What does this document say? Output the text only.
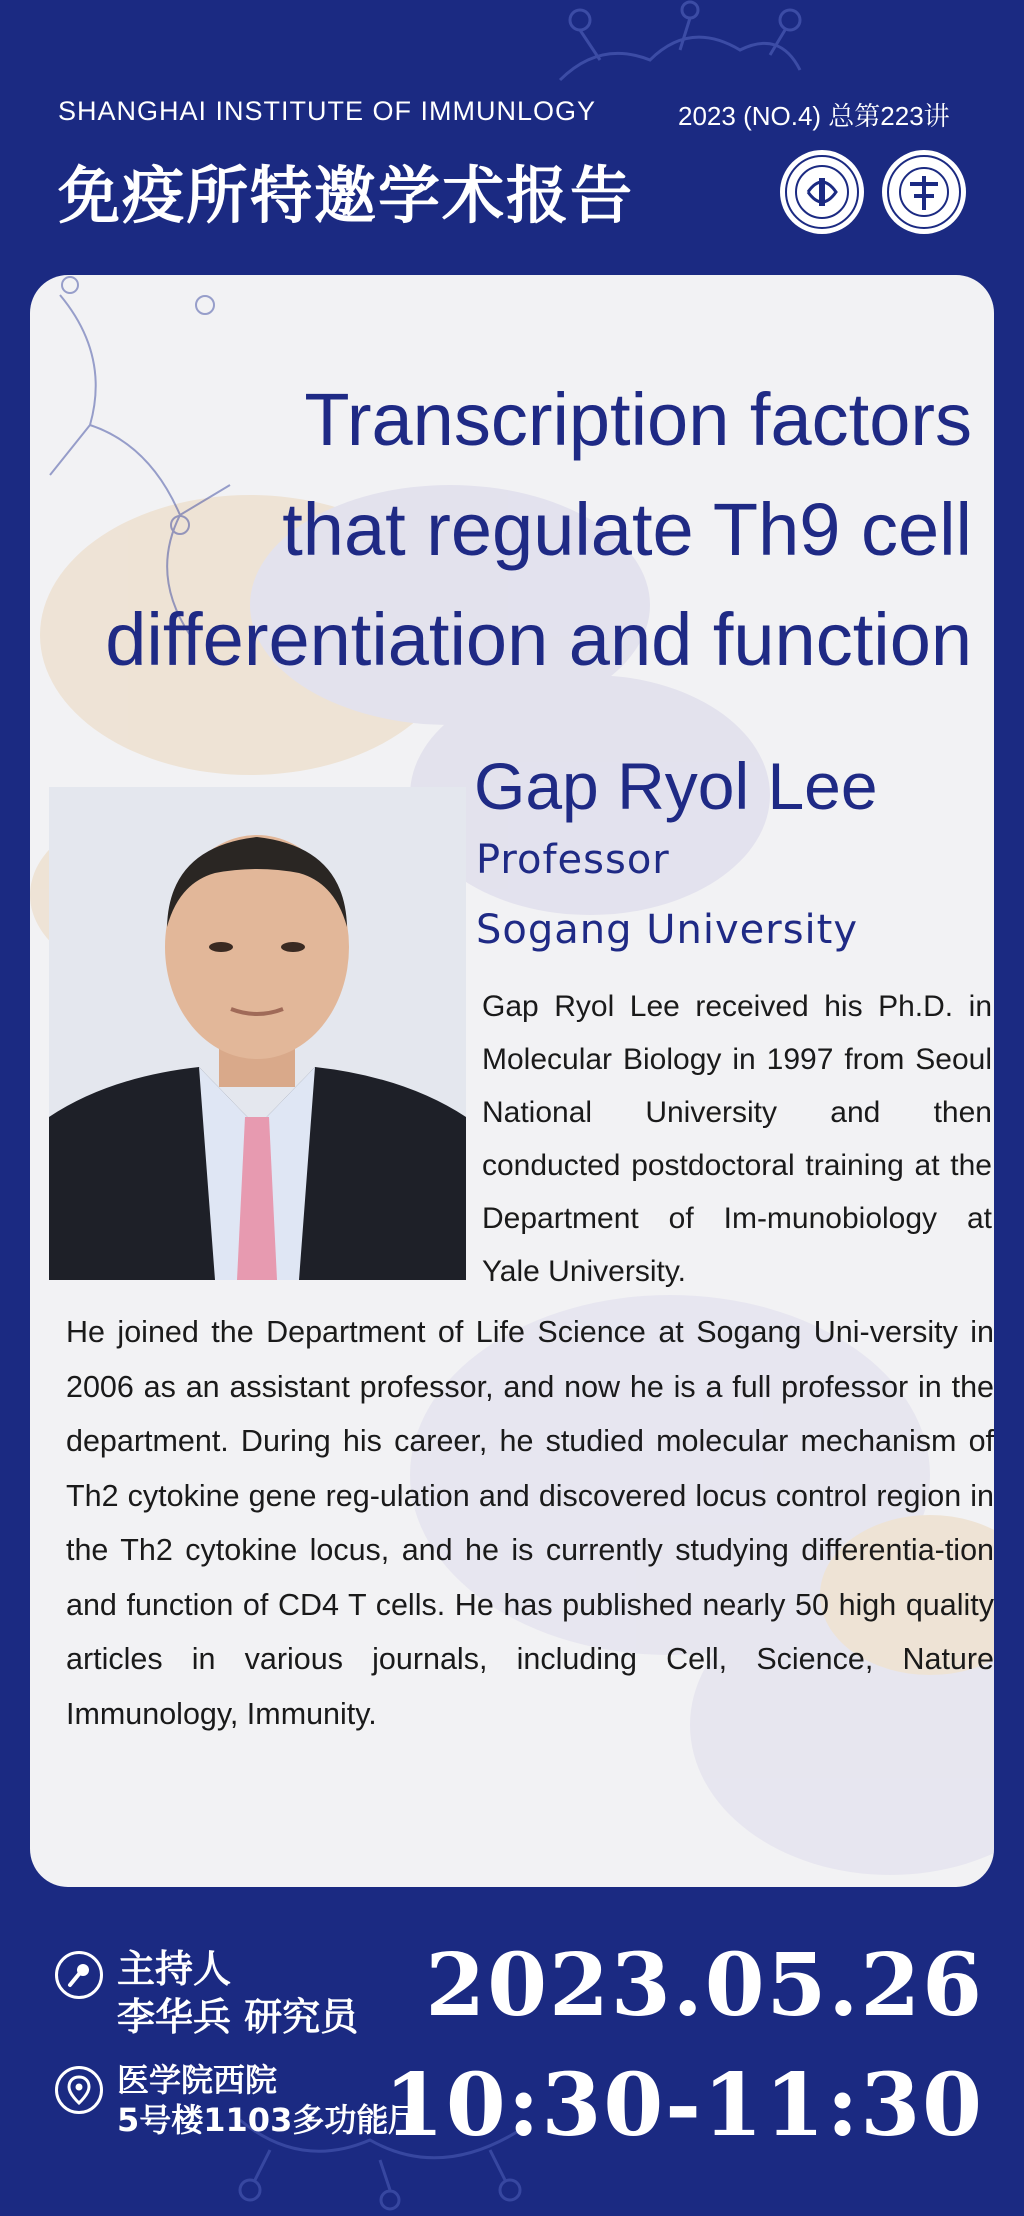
SHANGHAI INSTITUTE OF IMMUNLOGY	2023 (NO.4) 总第223讲
免疫所特邀学术报告
Transcription factors
that regulate Th9 cell
differentiation and function
Gap Ryol Lee
Professor
Sogang University
Gap Ryol Lee received his Ph.D. in Molecular Biology in 1997 from Seoul National University and then conducted postdoctoral training at the Department of Im-munobiology at Yale University.
He joined the Department of Life Science at Sogang Uni-versity in 2006 as an assistant professor, and now he is a full professor in the department. During his career, he studied molecular mechanism of Th2 cytokine gene reg-ulation and discovered locus control region in the Th2 cytokine locus, and he is currently studying differentia-tion and function of CD4 T cells. He has published nearly 50 high quality articles in various journals, including Cell, Science, Nature Immunology, Immunity.
主持人
李华兵 研究员
医学院西院
5号楼1103多功能厅
2023.05.26
10:30-11:30
